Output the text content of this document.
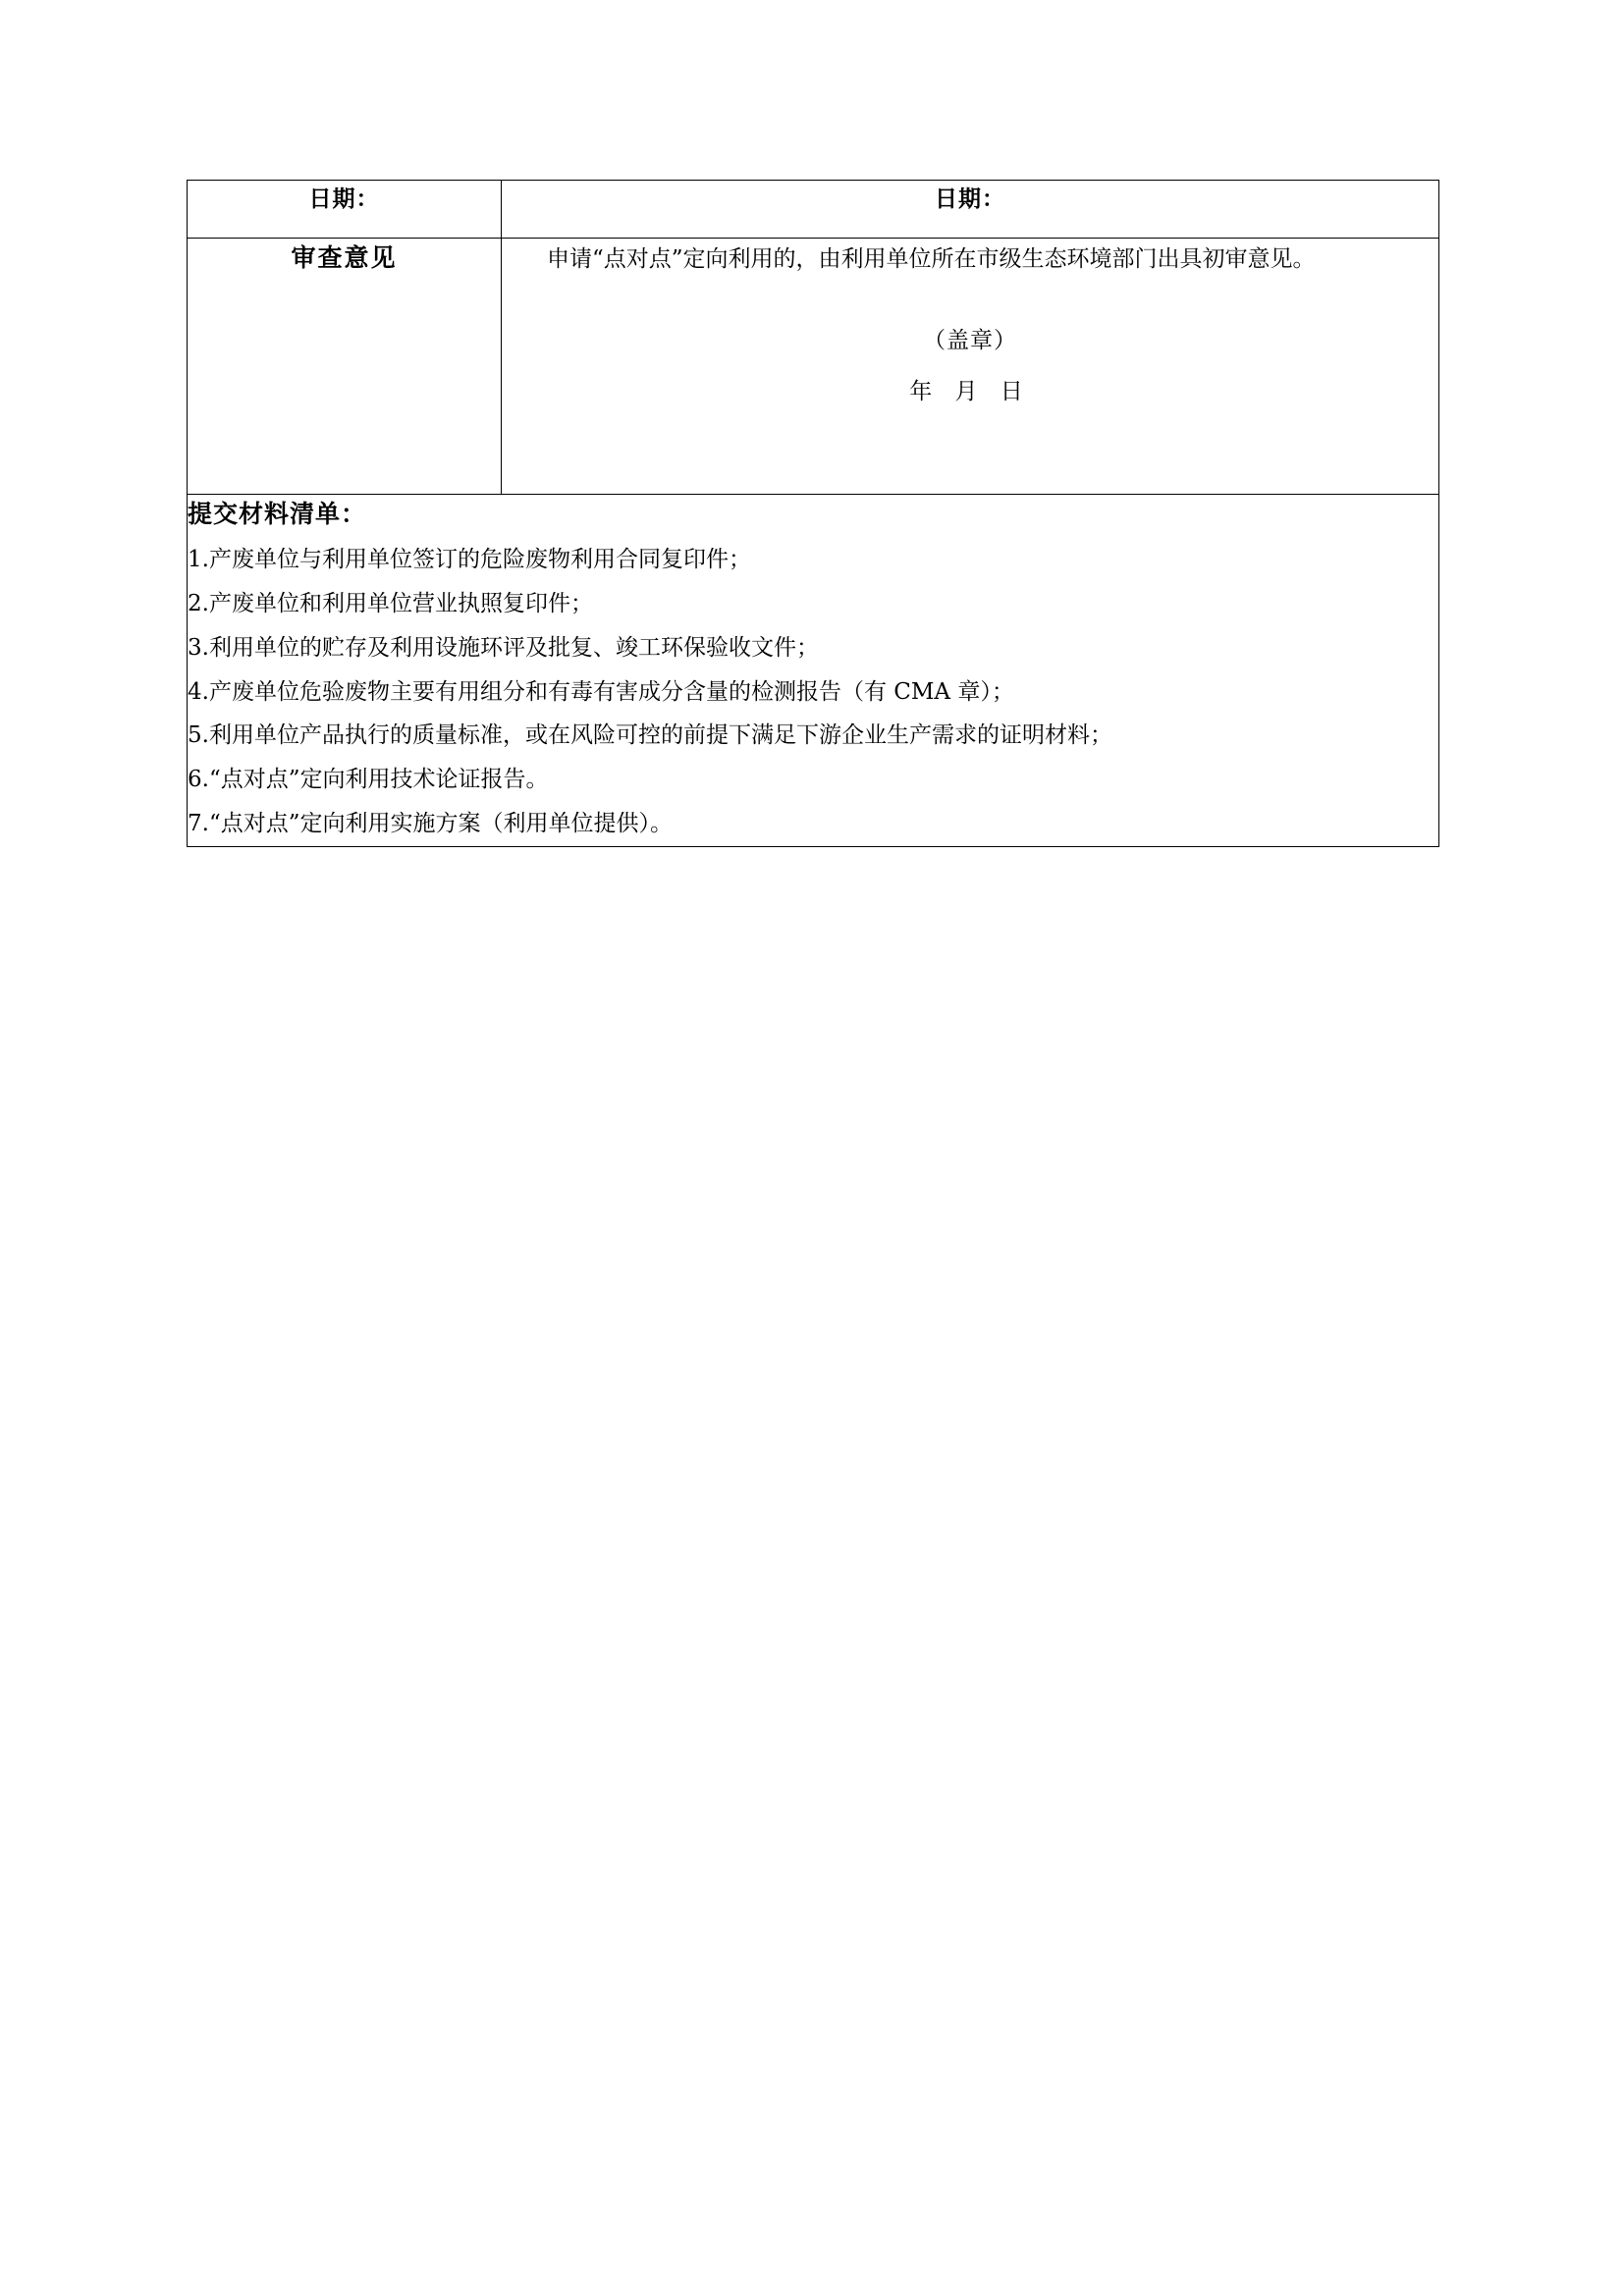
日期：	日期：
审查意见	申请“点对点”定向利用的，由利用单位所在市级生态环境部门出具初审意见。
（盖章）
年 月 日

提交材料清单：
1.产废单位与利用单位签订的危险废物利用合同复印件；
2.产废单位和利用单位营业执照复印件；
3.利用单位的贮存及利用设施环评及批复、竣工环保验收文件；
4.产废单位危验废物主要有用组分和有毒有害成分含量的检测报告（有 CMA 章）；
5.利用单位产品执行的质量标准，或在风险可控的前提下满足下游企业生产需求的证明材料；
6.“点对点”定向利用技术论证报告。
7.“点对点”定向利用实施方案（利用单位提供）。
